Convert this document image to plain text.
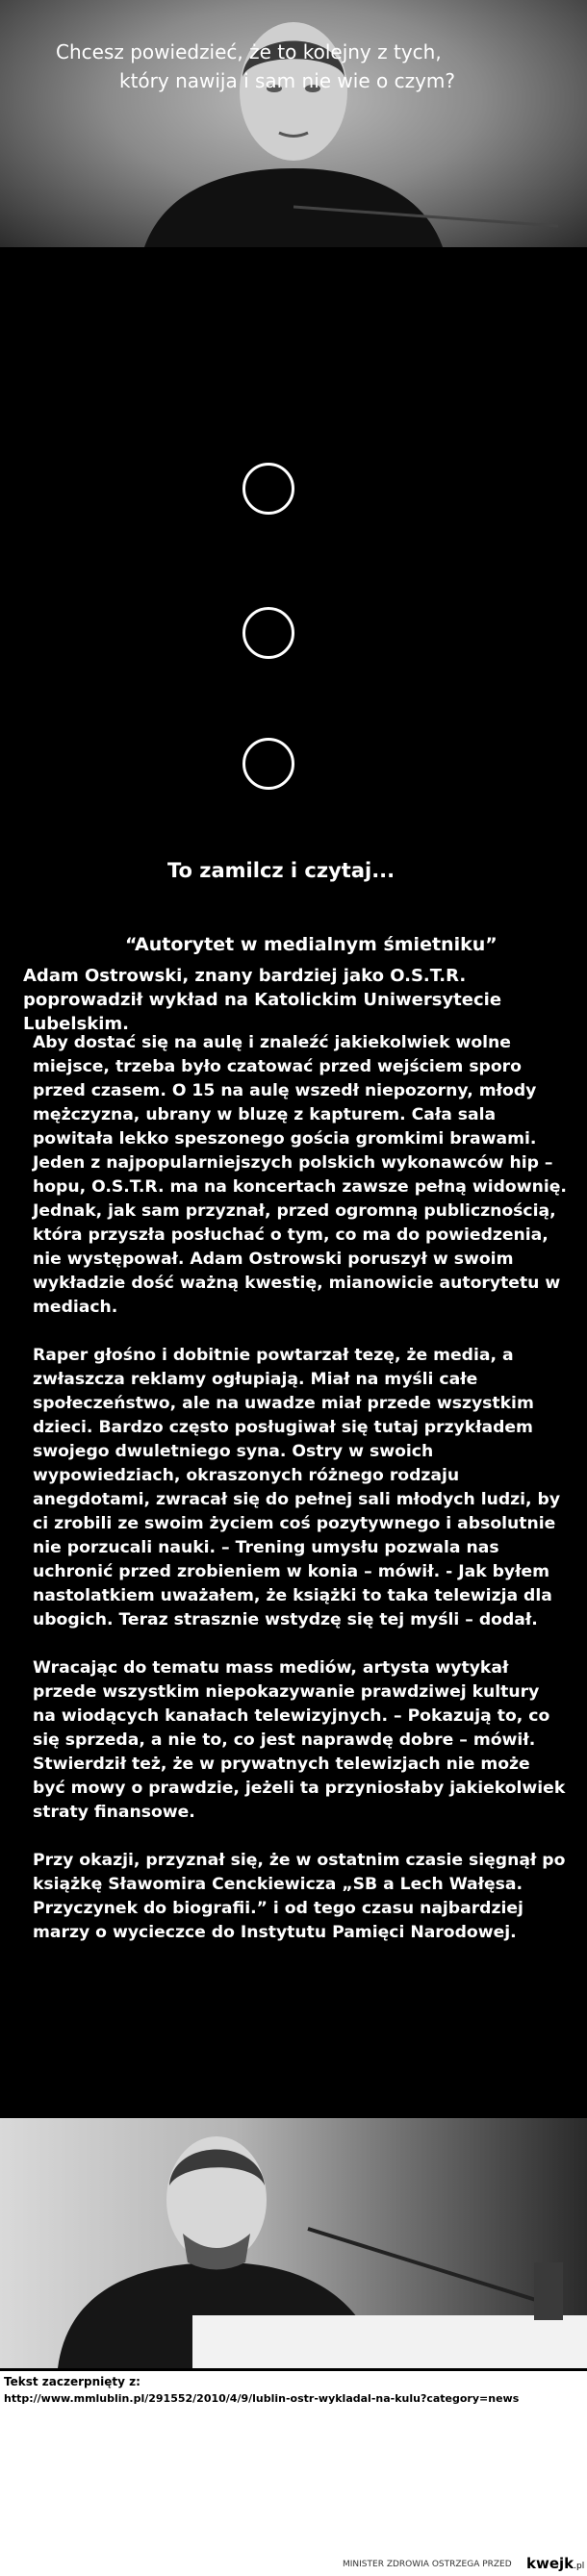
Chcesz powiedzieć, że to kolejny z tych,
który nawija i sam nie wie o czym?
To zamilcz i czytaj...
“Autorytet w medialnym śmietniku”
Adam Ostrowski, znany bardziej jako O.S.T.R. poprowadził wykład na Katolickim Uniwersytecie Lubelskim.

Aby dostać się na aulę i znaleźć jakiekolwiek wolne miejsce, trzeba było czatować przed wejściem sporo przed czasem. O 15 na aulę wszedł niepozorny, młody mężczyzna, ubrany w bluzę z kapturem. Cała sala powitała lekko speszonego gościa gromkimi brawami. Jeden z najpopularniejszych polskich wykonawców hip – hopu, O.S.T.R. ma na koncertach zawsze pełną widownię. Jednak, jak sam przyznał, przed ogromną publicznością, która przyszła posłuchać o tym, co ma do powiedzenia, nie występował. Adam Ostrowski poruszył w swoim wykładzie dość ważną kwestię, mianowicie autorytetu w mediach.

Raper głośno i dobitnie powtarzał tezę, że media, a zwłaszcza reklamy ogłupiają. Miał na myśli całe społeczeństwo, ale na uwadze miał przede wszystkim dzieci. Bardzo często posługiwał się tutaj przykładem swojego dwuletniego syna. Ostry w swoich wypowiedziach, okraszonych różnego rodzaju anegdotami, zwracał się do pełnej sali młodych ludzi, by ci zrobili ze swoim życiem coś pozytywnego i absolutnie nie porzucali nauki. – Trening umysłu pozwala nas uchronić przed zrobieniem w konia – mówił. - Jak byłem nastolatkiem uważałem, że książki to taka telewizja dla ubogich. Teraz strasznie wstydzę się tej myśli – dodał.

Wracając do tematu mass mediów, artysta wytykał przede wszystkim niepokazywanie prawdziwej kultury na wiodących kanałach telewizyjnych. – Pokazują to, co się sprzeda, a nie to, co jest naprawdę dobre – mówił. Stwierdził też, że w prywatnych telewizjach nie może być mowy o prawdzie, jeżeli ta przyniosłaby jakiekolwiek straty finansowe.

Przy okazji, przyznał się, że w ostatnim czasie sięgnął po książkę Sławomira Cenckiewicza „SB a Lech Wałęsa. Przyczynek do biografii.” i od tego czasu najbardziej marzy o wycieczce do Instytutu Pamięci Narodowej.

Tekst zaczerpnięty z:
http://www.mmlublin.pl/291552/2010/4/9/lublin-ostr-wykladal-na-kulu?category=news
MINISTER ZDROWIA OSTRZEGA PRZED kwejk.pl
